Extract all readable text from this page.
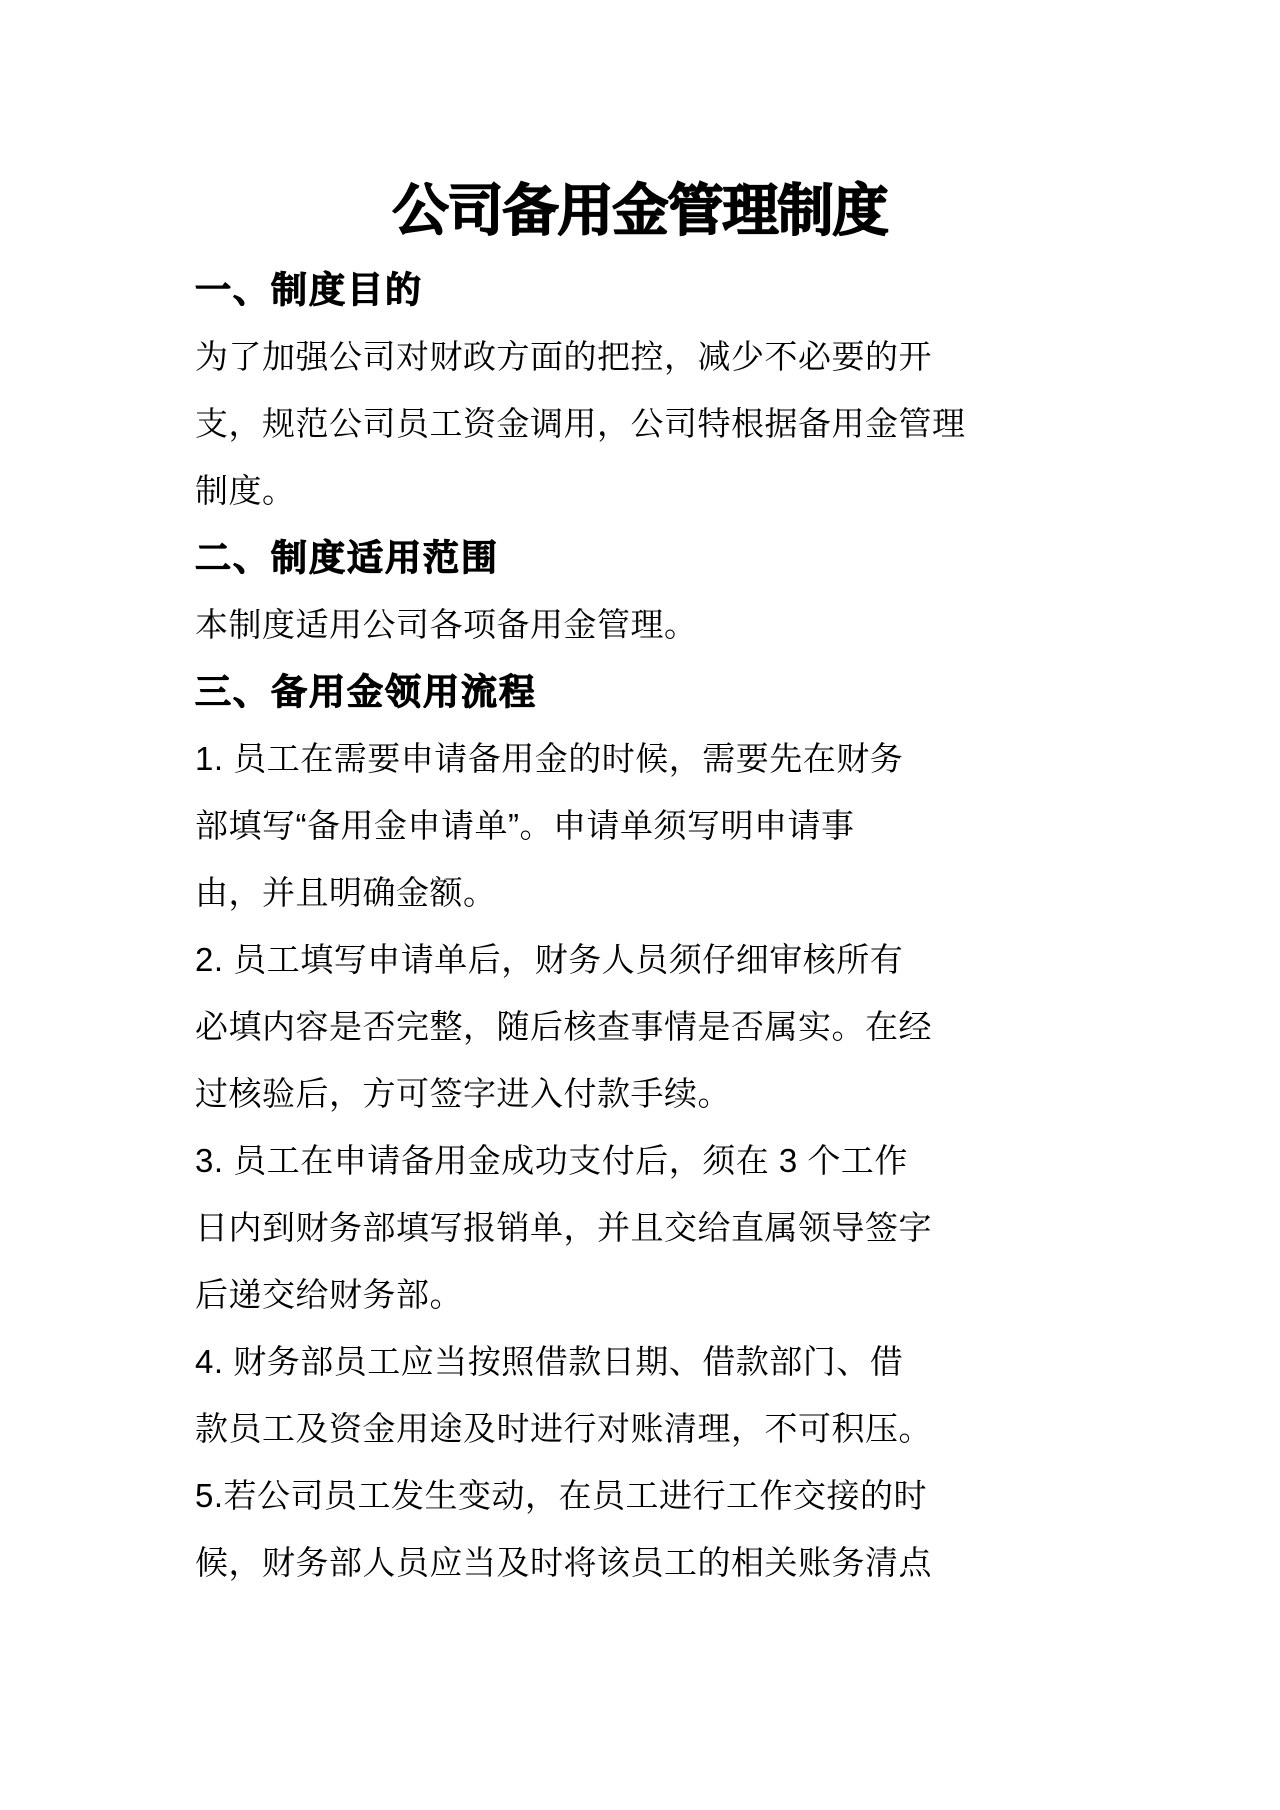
公司备用金管理制度
一、制度目的
为了加强公司对财政方面的把控，减少不必要的开
支，规范公司员工资金调用，公司特根据备用金管理
制度。
二、制度适用范围
本制度适用公司各项备用金管理。
三、备用金领用流程
1. 员工在需要申请备用金的时候，需要先在财务
部填写“备用金申请单”。申请单须写明申请事
由，并且明确金额。
2. 员工填写申请单后，财务人员须仔细审核所有
必填内容是否完整，随后核查事情是否属实。在经
过核验后，方可签字进入付款手续。
3. 员工在申请备用金成功支付后，须在 3 个工作
日内到财务部填写报销单，并且交给直属领导签字
后递交给财务部。
4. 财务部员工应当按照借款日期、借款部门、借
款员工及资金用途及时进行对账清理，不可积压。
5.若公司员工发生变动，在员工进行工作交接的时
候，财务部人员应当及时将该员工的相关账务清点
